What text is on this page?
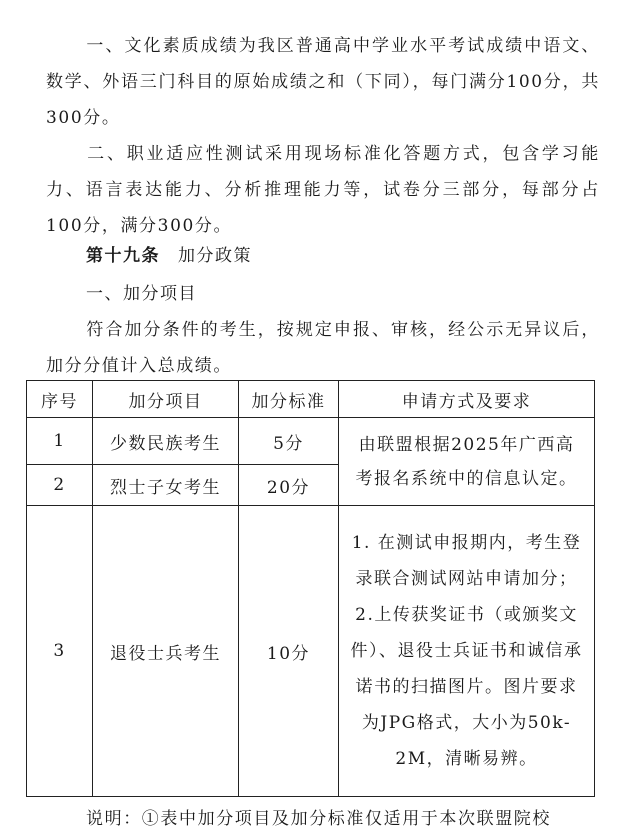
一、文化素质成绩为我区普通高中学业水平考试成绩中语文、数学、外语三门科目的原始成绩之和（下同），每门满分100分，共300分。

二、职业适应性测试采用现场标准化答题方式，包含学习能力、语言表达能力、分析推理能力等，试卷分三部分，每部分占100分，满分300分。

第十九条 加分政策
一、加分项目

符合加分条件的考生，按规定申报、审核，经公示无异议后，加分分值计入总成绩。

序号	加分项目	加分标准	申请方式及要求
1	少数民族考生	5分	由联盟根据2025年广西高考报名系统中的信息认定。
2	烈士子女考生	20分	
3	退役士兵考生	10分	1. 在测试申报期内，考生登录联合测试网站申请加分；
2.上传获奖证书（或颁奖文件）、退役士兵证书和诚信承诺书的扫描图片。图片要求为JPG格式，大小为50k-2M，清晰易辨。
说明：①表中加分项目及加分标准仅适用于本次联盟院校
